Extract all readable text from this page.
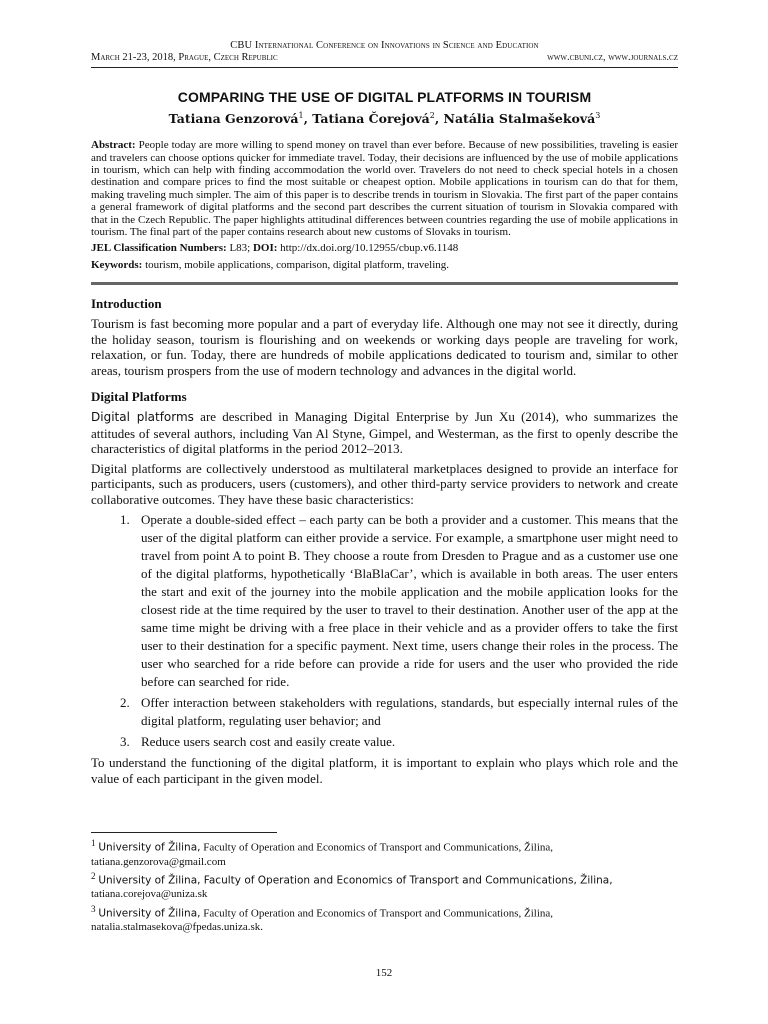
CBU International Conference on Innovations in Science and Education
March 21-23, 2018, Prague, Czech Republic	www.cbuni.cz, www.journals.cz
COMPARING THE USE OF DIGITAL PLATFORMS IN TOURISM
Tatiana Genzorová$^1$, Tatiana Čorejová$^2$, Natália Stalmašeková$^3$
Abstract: People today are more willing to spend money on travel than ever before. Because of new possibilities, traveling is easier and travelers can choose options quicker for immediate travel. Today, their decisions are influenced by the use of mobile applications in tourism, which can help with finding accommodation the world over. Travelers do not need to check special hotels in a chosen destination and compare prices to find the most suitable or cheapest option. Mobile applications in tourism can do that for them, making traveling much simpler. The aim of this paper is to describe trends in tourism in Slovakia. The first part of the paper contains a general framework of digital platforms and the second part describes the current situation of tourism in Slovakia compared with that in the Czech Republic. The paper highlights attitudinal differences between countries regarding the use of mobile applications in tourism. The final part of the paper contains research about new customs of Slovaks in tourism.
JEL Classification Numbers: L83; DOI: http://dx.doi.org/10.12955/cbup.v6.1148
Keywords: tourism, mobile applications, comparison, digital platform, traveling.
Introduction

Tourism is fast becoming more popular and a part of everyday life. Although one may not see it directly, during the holiday season, tourism is flourishing and on weekends or working days people are traveling for work, relaxation, or fun. Today, there are hundreds of mobile applications dedicated to tourism and, similar to other areas, tourism prospers from the use of modern technology and advances in the digital world.

Digital Platforms

Digital platforms are described in Managing Digital Enterprise by Jun Xu (2014), who summarizes the attitudes of several authors, including Van Al Styne, Gimpel, and Westerman, as the first to openly describe the characteristics of digital platforms in the period 2012–2013.

Digital platforms are collectively understood as multilateral marketplaces designed to provide an interface for participants, such as producers, users (customers), and other third-party service providers to network and create collaborative outcomes. They have these basic characteristics:

1. Operate a double-sided effect – each party can be both a provider and a customer. This means that the user of the digital platform can either provide a service. For example, a smartphone user might need to travel from point A to point B. They choose a route from Dresden to Prague and as a customer use one of the digital platforms, hypothetically ‘BlaBlaCar’, which is available in both areas. The user enters the start and exit of the journey into the mobile application and the mobile application looks for the closest ride at the time required by the user to travel to their destination. Another user of the app at the same time might be driving with a free place in their vehicle and as a provider offers to take the first user to their destination for a specific payment. Next time, users change their roles in the process. The user who searched for a ride before can provide a ride for users and the user who provided the ride before can searched for ride.
2. Offer interaction between stakeholders with regulations, standards, but especially internal rules of the digital platform, regulating user behavior; and
3. Reduce users search cost and easily create value.

To understand the functioning of the digital platform, it is important to explain who plays which role and the value of each participant in the given model.

$^1$ University of Žilina, Faculty of Operation and Economics of Transport and Communications, Žilina,
tatiana.genzorova@gmail.com
$^2$ University of Žilina, Faculty of Operation and Economics of Transport and Communications, Žilina,
tatiana.corejova@uniza.sk
$^3$ University of Žilina, Faculty of Operation and Economics of Transport and Communications, Žilina,
natalia.stalmasekova@fpedas.uniza.sk.
152
